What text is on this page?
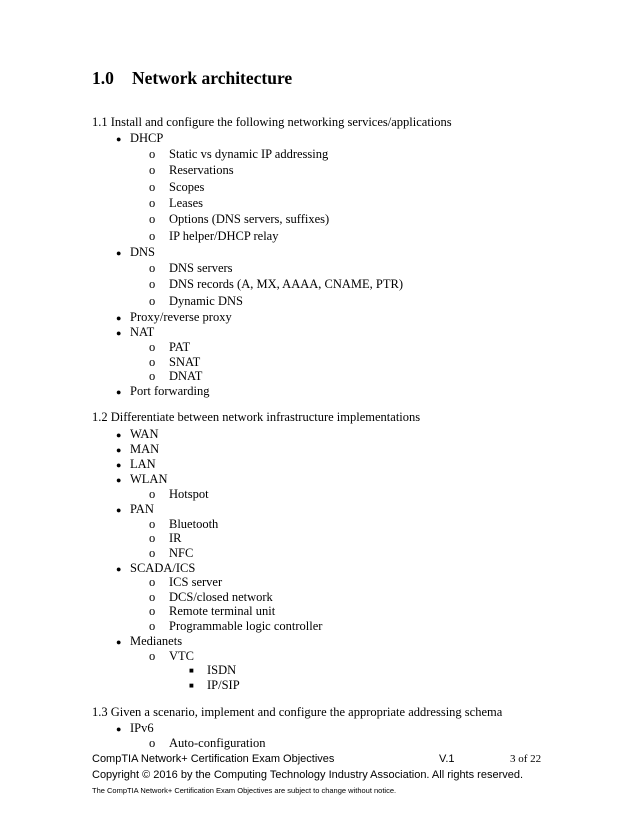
1.0 Network architecture
1.1 Install and configure the following networking services/applications
● DHCP
o Static vs dynamic IP addressing
o Reservations
o Scopes
o Leases
o Options (DNS servers, suffixes)
o IP helper/DHCP relay
● DNS
o DNS servers
o DNS records (A, MX, AAAA, CNAME, PTR)
o Dynamic DNS
● Proxy/reverse proxy
● NAT
o PAT
o SNAT
o DNAT
● Port forwarding
1.2 Differentiate between network infrastructure implementations
● WAN
● MAN
● LAN
● WLAN
o Hotspot
● PAN
o Bluetooth
o IR
o NFC
● SCADA/ICS
o ICS server
o DCS/closed network
o Remote terminal unit
o Programmable logic controller
● Medianets
o VTC
■ ISDN
■ IP/SIP
1.3 Given a scenario, implement and configure the appropriate addressing schema
● IPv6
o Auto-configuration
CompTIA Network+ Certification Exam Objectives	V.1	3 of 22
Copyright © 2016 by the Computing Technology Industry Association. All rights reserved.
The CompTIA Network+ Certification Exam Objectives are subject to change without notice.
